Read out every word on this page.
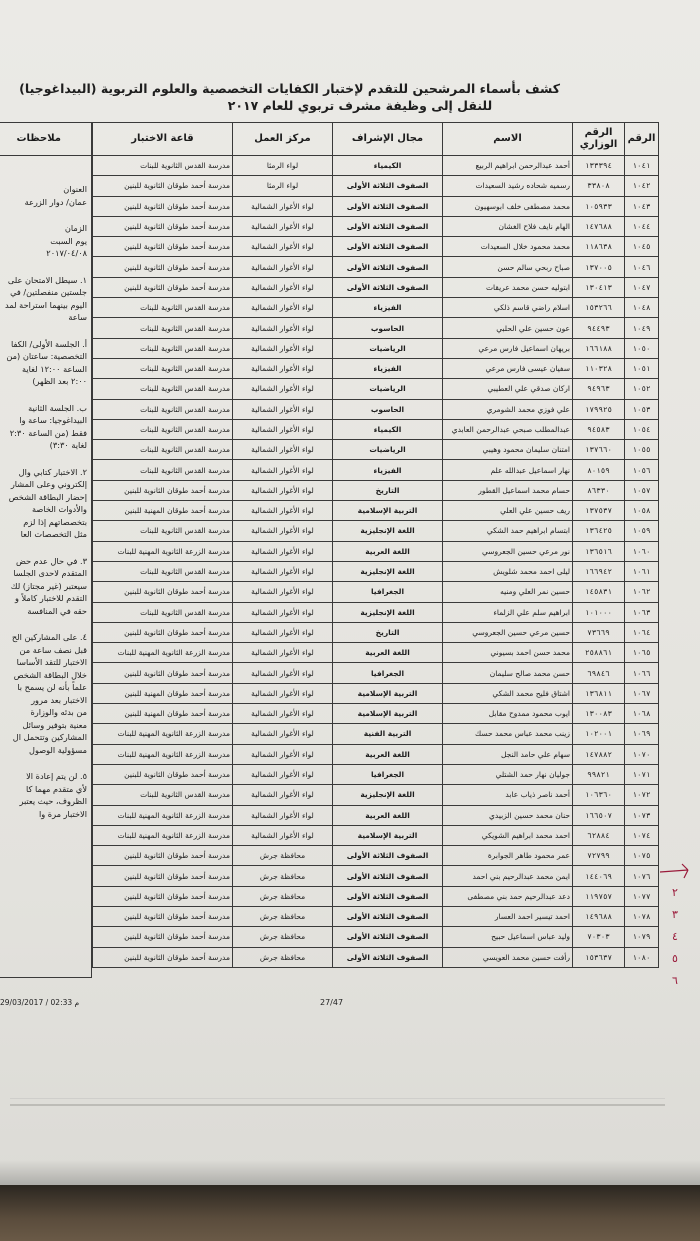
كشف بأسماء المرشحين للتقدم لإختبار الكفايات التخصصية والعلوم التربوية (البيداغوجيا)
للنقل إلى وظيفة مشرف تربوي للعام ٢٠١٧
الرقم	الرقم الوزاري	الاسم	مجال الإشراف	مركز العمل	قاعة الاختبار
١٠٤١	١٣٣٣٩٤	أحمد عبدالرحمن ابراهيم الربيع	الكيمياء	لواء الرمثا	مدرسة القدس الثانوية للبنات
١٠٤٢	٣٣٨٠٨	رسميه شحاده رشيد السعيدات	الصفوف الثلاثة الأولى	لواء الرمثا	مدرسة أحمد طوقان الثانوية للبنين
١٠٤٣	١٠٥٩٣٣	محمد مصطفى خلف ابوسهيون	الصفوف الثلاثة الأولى	لواء الأغوار الشمالية	مدرسة أحمد طوقان الثانوية للبنين
١٠٤٤	١٤٧٦٨٨	الهام نايف فلاح الغشان	الصفوف الثلاثة الأولى	لواء الأغوار الشمالية	مدرسة أحمد طوقان الثانوية للبنين
١٠٤٥	١١٨٦٣٨	محمد محمود خلال السعيدات	الصفوف الثلاثة الأولى	لواء الأغوار الشمالية	مدرسة أحمد طوقان الثانوية للبنين
١٠٤٦	١٣٧٠٠٥	صباح ربحي سالم حسن	الصفوف الثلاثة الأولى	لواء الأغوار الشمالية	مدرسة أحمد طوقان الثانوية للبنين
١٠٤٧	١٣٠٤١٣	ابتوليه حسن محمد عريقات	الصفوف الثلاثة الأولى	لواء الأغوار الشمالية	مدرسة أحمد طوقان الثانوية للبنين
١٠٤٨	١٥٣٢٦٦	اسلام راضي قاسم ذلكي	الفيزياء	لواء الأغوار الشمالية	مدرسة القدس الثانوية للبنات
١٠٤٩	٩٤٤٩٣	عون حسين علي الحلبي	الحاسوب	لواء الأغوار الشمالية	مدرسة القدس الثانوية للبنات
١٠٥٠	١٦٦١٨٨	بريهان اسماعيل فارس مرعي	الرياضيات	لواء الأغوار الشمالية	مدرسة القدس الثانوية للبنات
١٠٥١	١١٠٣٢٨	سفيان عيسى فارس مرعي	الفيزياء	لواء الأغوار الشمالية	مدرسة القدس الثانوية للبنات
١٠٥٢	٩٤٩٦٣	اركان صدقي علي العطيبي	الرياضيات	لواء الأغوار الشمالية	مدرسة القدس الثانوية للبنات
١٠٥٣	١٧٩٩٢٥	علي فوزي محمد الشومري	الحاسوب	لواء الأغوار الشمالية	مدرسة القدس الثانوية للبنات
١٠٥٤	٩٤٥٨٣	عبدالمطلب صبحي عبدالرحمن العابدي	الكيمياء	لواء الأغوار الشمالية	مدرسة القدس الثانوية للبنات
١٠٥٥	١٣٧٦٦٠	امتنان سليمان محمود وهيبي	الرياضيات	لواء الأغوار الشمالية	مدرسة القدس الثانوية للبنات
١٠٥٦	٨٠١٥٩	نهار اسماعيل عبدالله علم	الفيزياء	لواء الأغوار الشمالية	مدرسة القدس الثانوية للبنات
١٠٥٧	٨٦٣٣٠	حسام محمد اسماعيل القطور	التاريخ	لواء الأغوار الشمالية	مدرسة أحمد طوقان الثانوية للبنين
١٠٥٨	١٣٧٥٣٧	ريف حسين علي العلي	التربية الإسلامية	لواء الأغوار الشمالية	مدرسة أحمد طوقان المهنية للبنين
١٠٥٩	١٣٦٤٢٥	ابتسام ابراهيم حمد الشكي	اللغة الإنجليزية	لواء الأغوار الشمالية	مدرسة القدس الثانوية للبنات
١٠٦٠	١٣٦٥١٦	نور مرعي حسين الجعروسي	اللغة العربية	لواء الأغوار الشمالية	مدرسة الزرعة الثانوية المهنية للبنات
١٠٦١	١٦٦٩٤٢	ليلى احمد محمد شلويش	اللغة الإنجليزية	لواء الأغوار الشمالية	مدرسة القدس الثانوية للبنات
١٠٦٢	١٤٥٨٣١	حسين نمر العلي ومنيه	الجغرافيا	لواء الأغوار الشمالية	مدرسة أحمد طوقان الثانوية للبنين
١٠٦٣	١٠١٠٠٠	ابراهيم سلم علي الزلماء	اللغة الإنجليزية	لواء الأغوار الشمالية	مدرسة القدس الثانوية للبنات
١٠٦٤	٧٣٦٦٩	حسين مرعي حسين الجعروسي	التاريخ	لواء الأغوار الشمالية	مدرسة أحمد طوقان الثانوية للبنين
١٠٦٥	٢٥٨٨٦١	محمد حسن احمد بسيوني	اللغة العربية	لواء الأغوار الشمالية	مدرسة الزرعة الثانوية المهنية للبنات
١٠٦٦	٦٩٨٤٦	حسن محمد صالح سليمان	الجغرافيا	لواء الأغوار الشمالية	مدرسة أحمد طوقان الثانوية للبنين
١٠٦٧	١٣٦٨١١	اشتاق فليح محمد الشكي	التربية الإسلامية	لواء الأغوار الشمالية	مدرسة أحمد طوقان المهنية للبنين
١٠٦٨	١٣٠٠٨٣	ايوب محمود ممدوح مقابل	التربية الإسلامية	لواء الأغوار الشمالية	مدرسة أحمد طوقان المهنية للبنين
١٠٦٩	١٠٢٠٠١	زينب محمد عباس محمد حسك	التربية الفنية	لواء الأغوار الشمالية	مدرسة الزرعة الثانوية المهنية للبنات
١٠٧٠	١٤٧٨٨٢	سهام علي حامد النجل	اللغة العربية	لواء الأغوار الشمالية	مدرسة الزرعة الثانوية المهنية للبنات
١٠٧١	٩٩٨٢١	جوليان نهار حمد الشتلي	الجغرافيا	لواء الأغوار الشمالية	مدرسة أحمد طوقان الثانوية للبنين
١٠٧٢	١٠٦٣٦٠	أحمد ناصر ذياب عابد	اللغة الإنجليزية	لواء الأغوار الشمالية	مدرسة القدس الثانوية للبنات
١٠٧٣	١٦٦٥٠٧	حنان محمد حسين الزبيدي	اللغة العربية	لواء الأغوار الشمالية	مدرسة الزرعة الثانوية المهنية للبنات
١٠٧٤	٦٢٨٨٤	احمد محمد ابراهيم الشويكي	التربية الإسلامية	لواء الأغوار الشمالية	مدرسة الزرعة الثانوية المهنية للبنات
١٠٧٥	٧٢٧٩٩	عمر محمود طاهر الجوابرة	الصفوف الثلاثة الأولى	محافظة جرش	مدرسة أحمد طوقان الثانوية للبنين
١٠٧٦	١٤٤٠٦٩	ايمن محمد عبدالرحيم بني احمد	الصفوف الثلاثة الأولى	محافظة جرش	مدرسة أحمد طوقان الثانوية للبنين
١٠٧٧	١١٩٧٥٧	دعد عبدالرحيم حمد بني مصطفى	الصفوف الثلاثة الأولى	محافظة جرش	مدرسة أحمد طوقان الثانوية للبنين
١٠٧٨	١٤٩٦٨٨	احمد تيسير احمد العسار	الصفوف الثلاثة الأولى	محافظة جرش	مدرسة أحمد طوقان الثانوية للبنين
١٠٧٩	٧٠٣٠٣	وليد عباس اسماعيل حبيح	الصفوف الثلاثة الأولى	محافظة جرش	مدرسة أحمد طوقان الثانوية للبنين
١٠٨٠	١٥٣٦٣٧	رأفت حسين محمد العويسي	الصفوف الثلاثة الأولى	محافظة جرش	مدرسة أحمد طوقان الثانوية للبنين
ملاحظات
العنوان
عمان/ دوار الزرعة
الزمان
يوم السبت
٢٠١٧/٠٤/٠٨
١. سيطل الامتحان على
جلستين منفصلتين/ في
اليوم بينهما استراحة لمد
ساعة
أ. الجلسة الأولى/ الكفا
التخصصية: ساعتان (من
الساعة ١٢:٠٠ لغاية
٢:٠٠ بعد الظهر)
ب. الجلسة الثانية
البيداغوجيا: ساعة وا
فقط (من الساعة ٢:٣٠
لغاية ٣:٣٠)
٢. الاختبار كتابي وال
إلكتروني وعلى المشار
إحضار البطاقة الشخص
والأدوات الخاصة
بتخصصاتهم إذا لزم
مثل التخصصات العا
٣. في حال عدم حض
المتقدم لاحدى الجلسا
سيعتبر (غير مجتاز) لك
التقدم للاختبار كاملاً و
حقه في المنافسة
٤. على المشاركين الح
قبل نصف ساعة من
الاختبار للتقد الأساسا
خلال البطاقة الشخص
علماً بأنه لن يسمح با
الاختبار بعد مرور
من بدئه والوزارة
معنية بتوفير وسائل
المشاركين وتتحمل ال
مسؤولية الوصول
٥. لن يتم إعادة الا
لأي متقدم مهما كا
الظروف، حيث يعتبر
الاختبار مرة وا
27/47
29/03/2017 / 02:33 م
٢
٣
٤
٥
٦
